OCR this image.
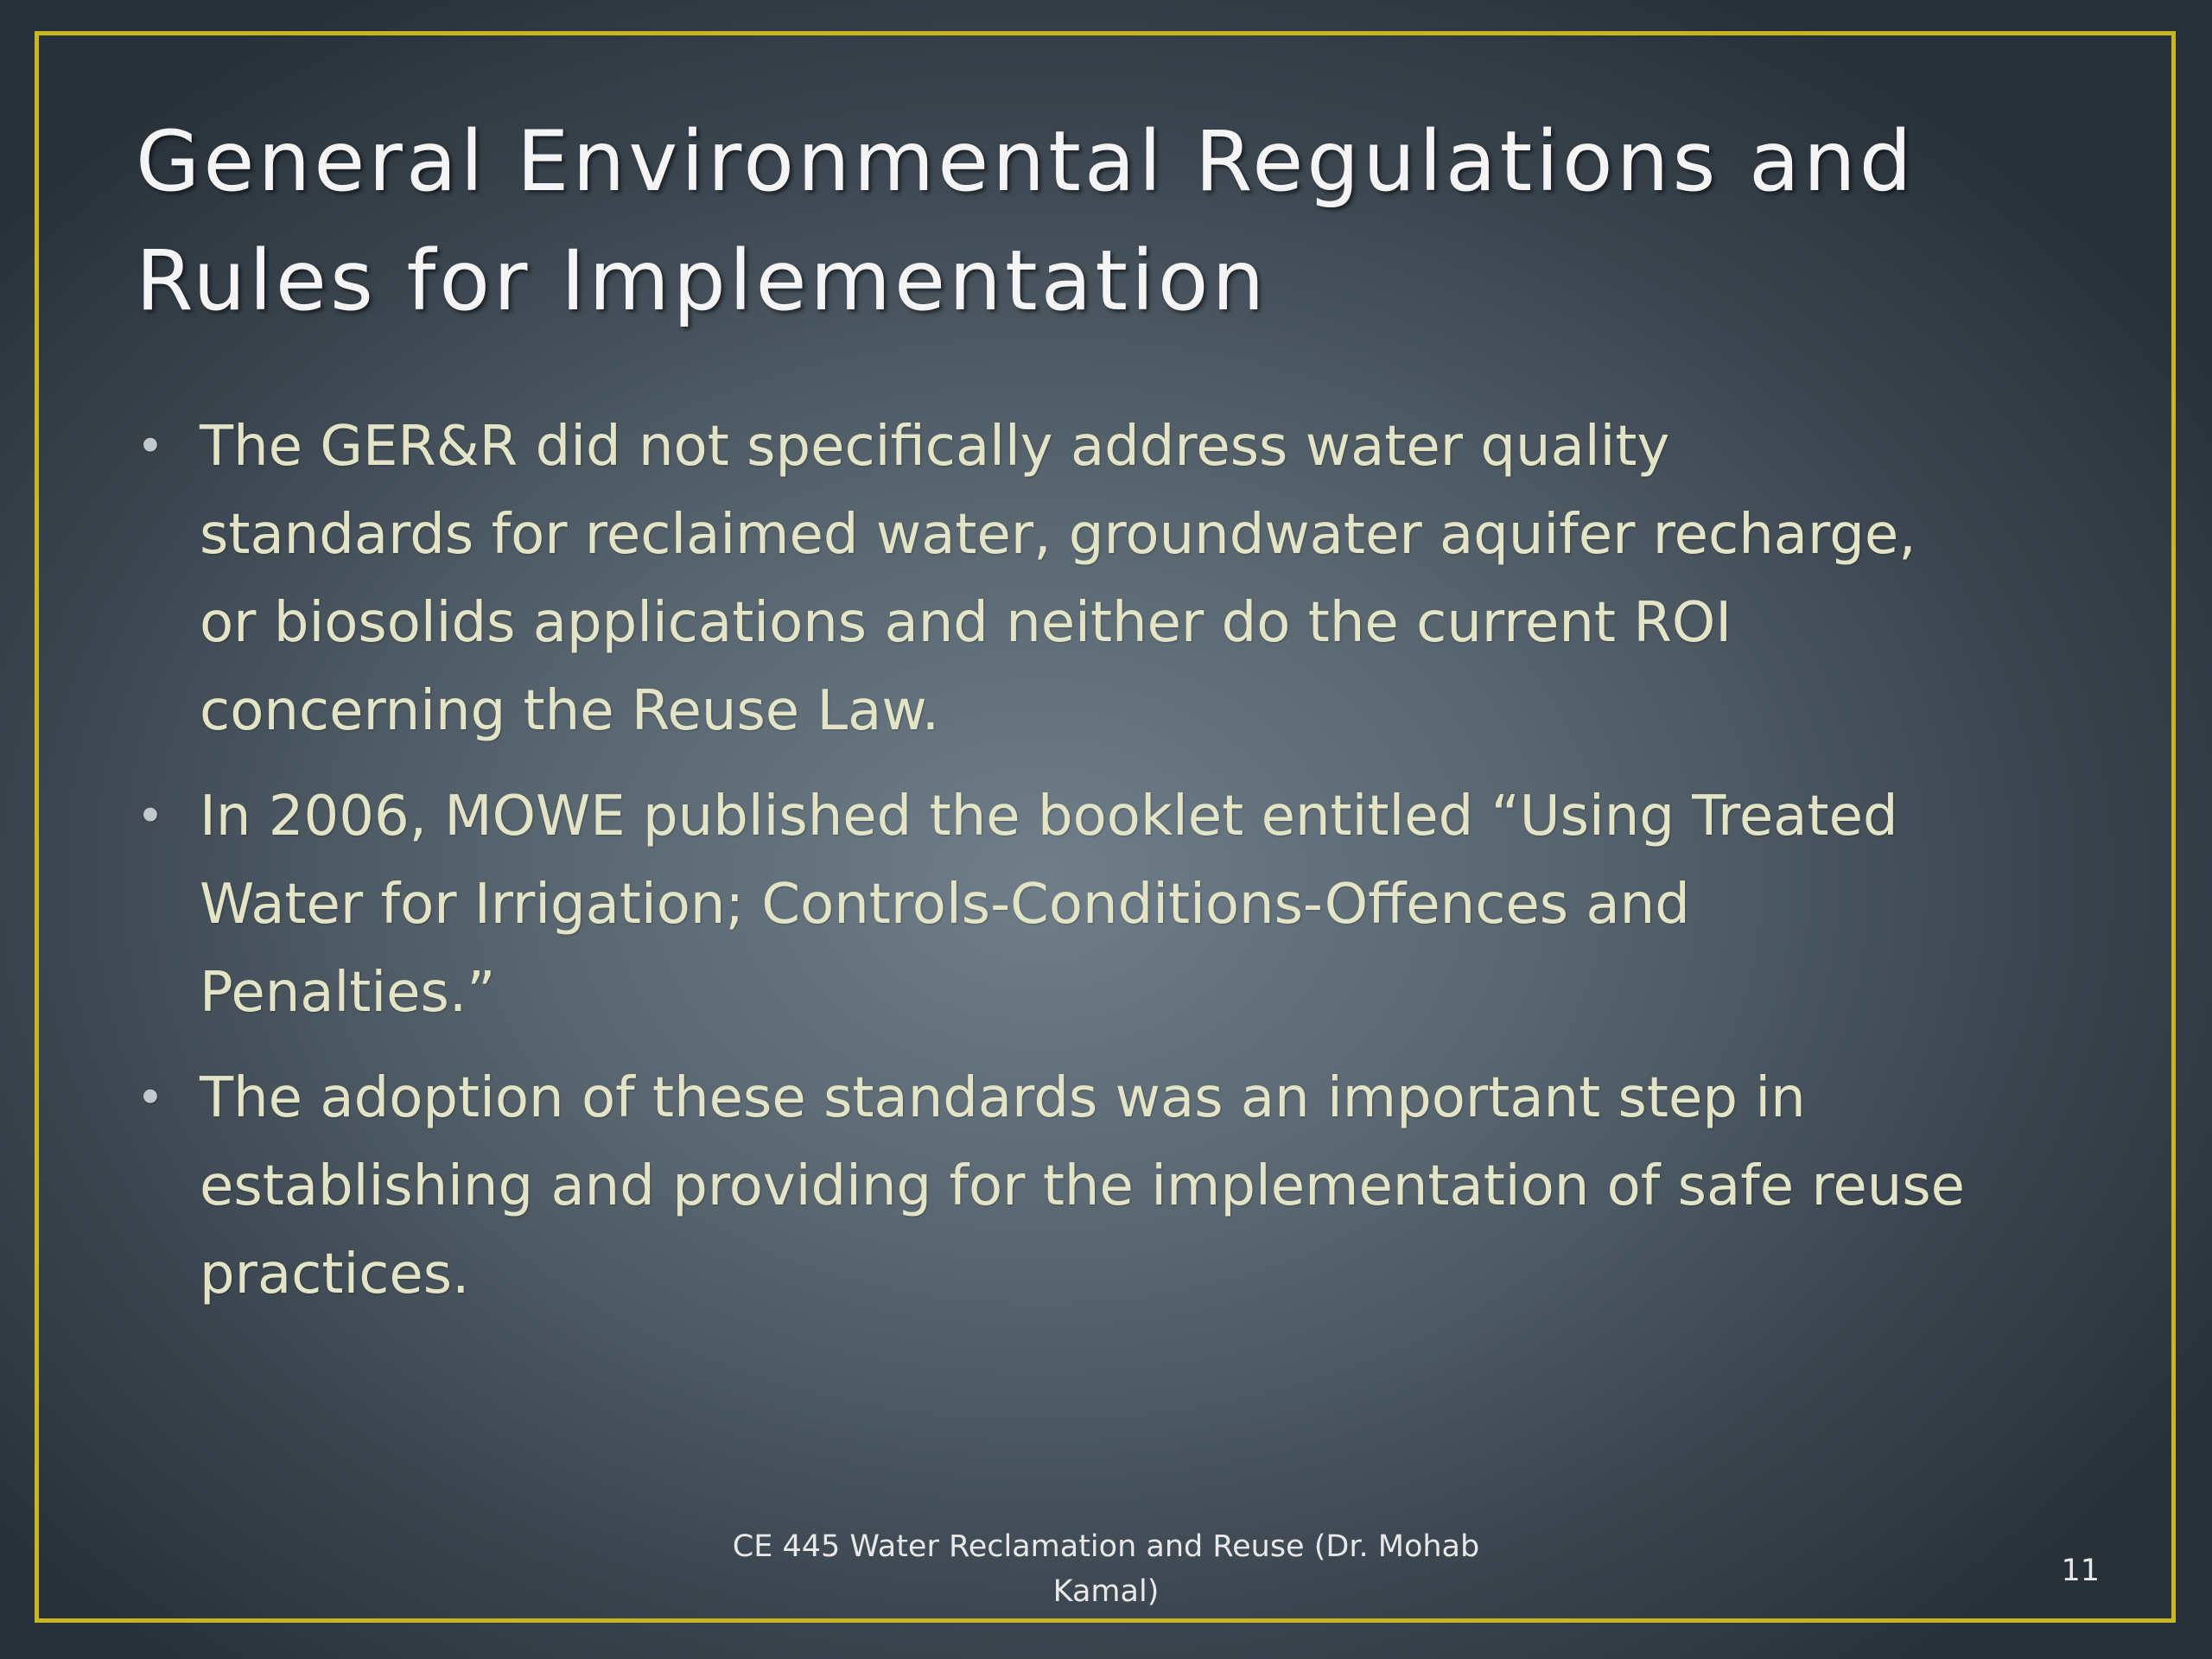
General Environmental Regulations and
Rules for Implementation
• The GER&R did not specifically address water quality
standards for reclaimed water, groundwater aquifer recharge,
or biosolids applications and neither do the current ROI
concerning the Reuse Law.
• In 2006, MOWE published the booklet entitled “Using Treated
Water for Irrigation; Controls-Conditions-Offences and
Penalties.”
• The adoption of these standards was an important step in
establishing and providing for the implementation of safe reuse
practices.
CE 445 Water Reclamation and Reuse (Dr. Mohab
Kamal)
11
